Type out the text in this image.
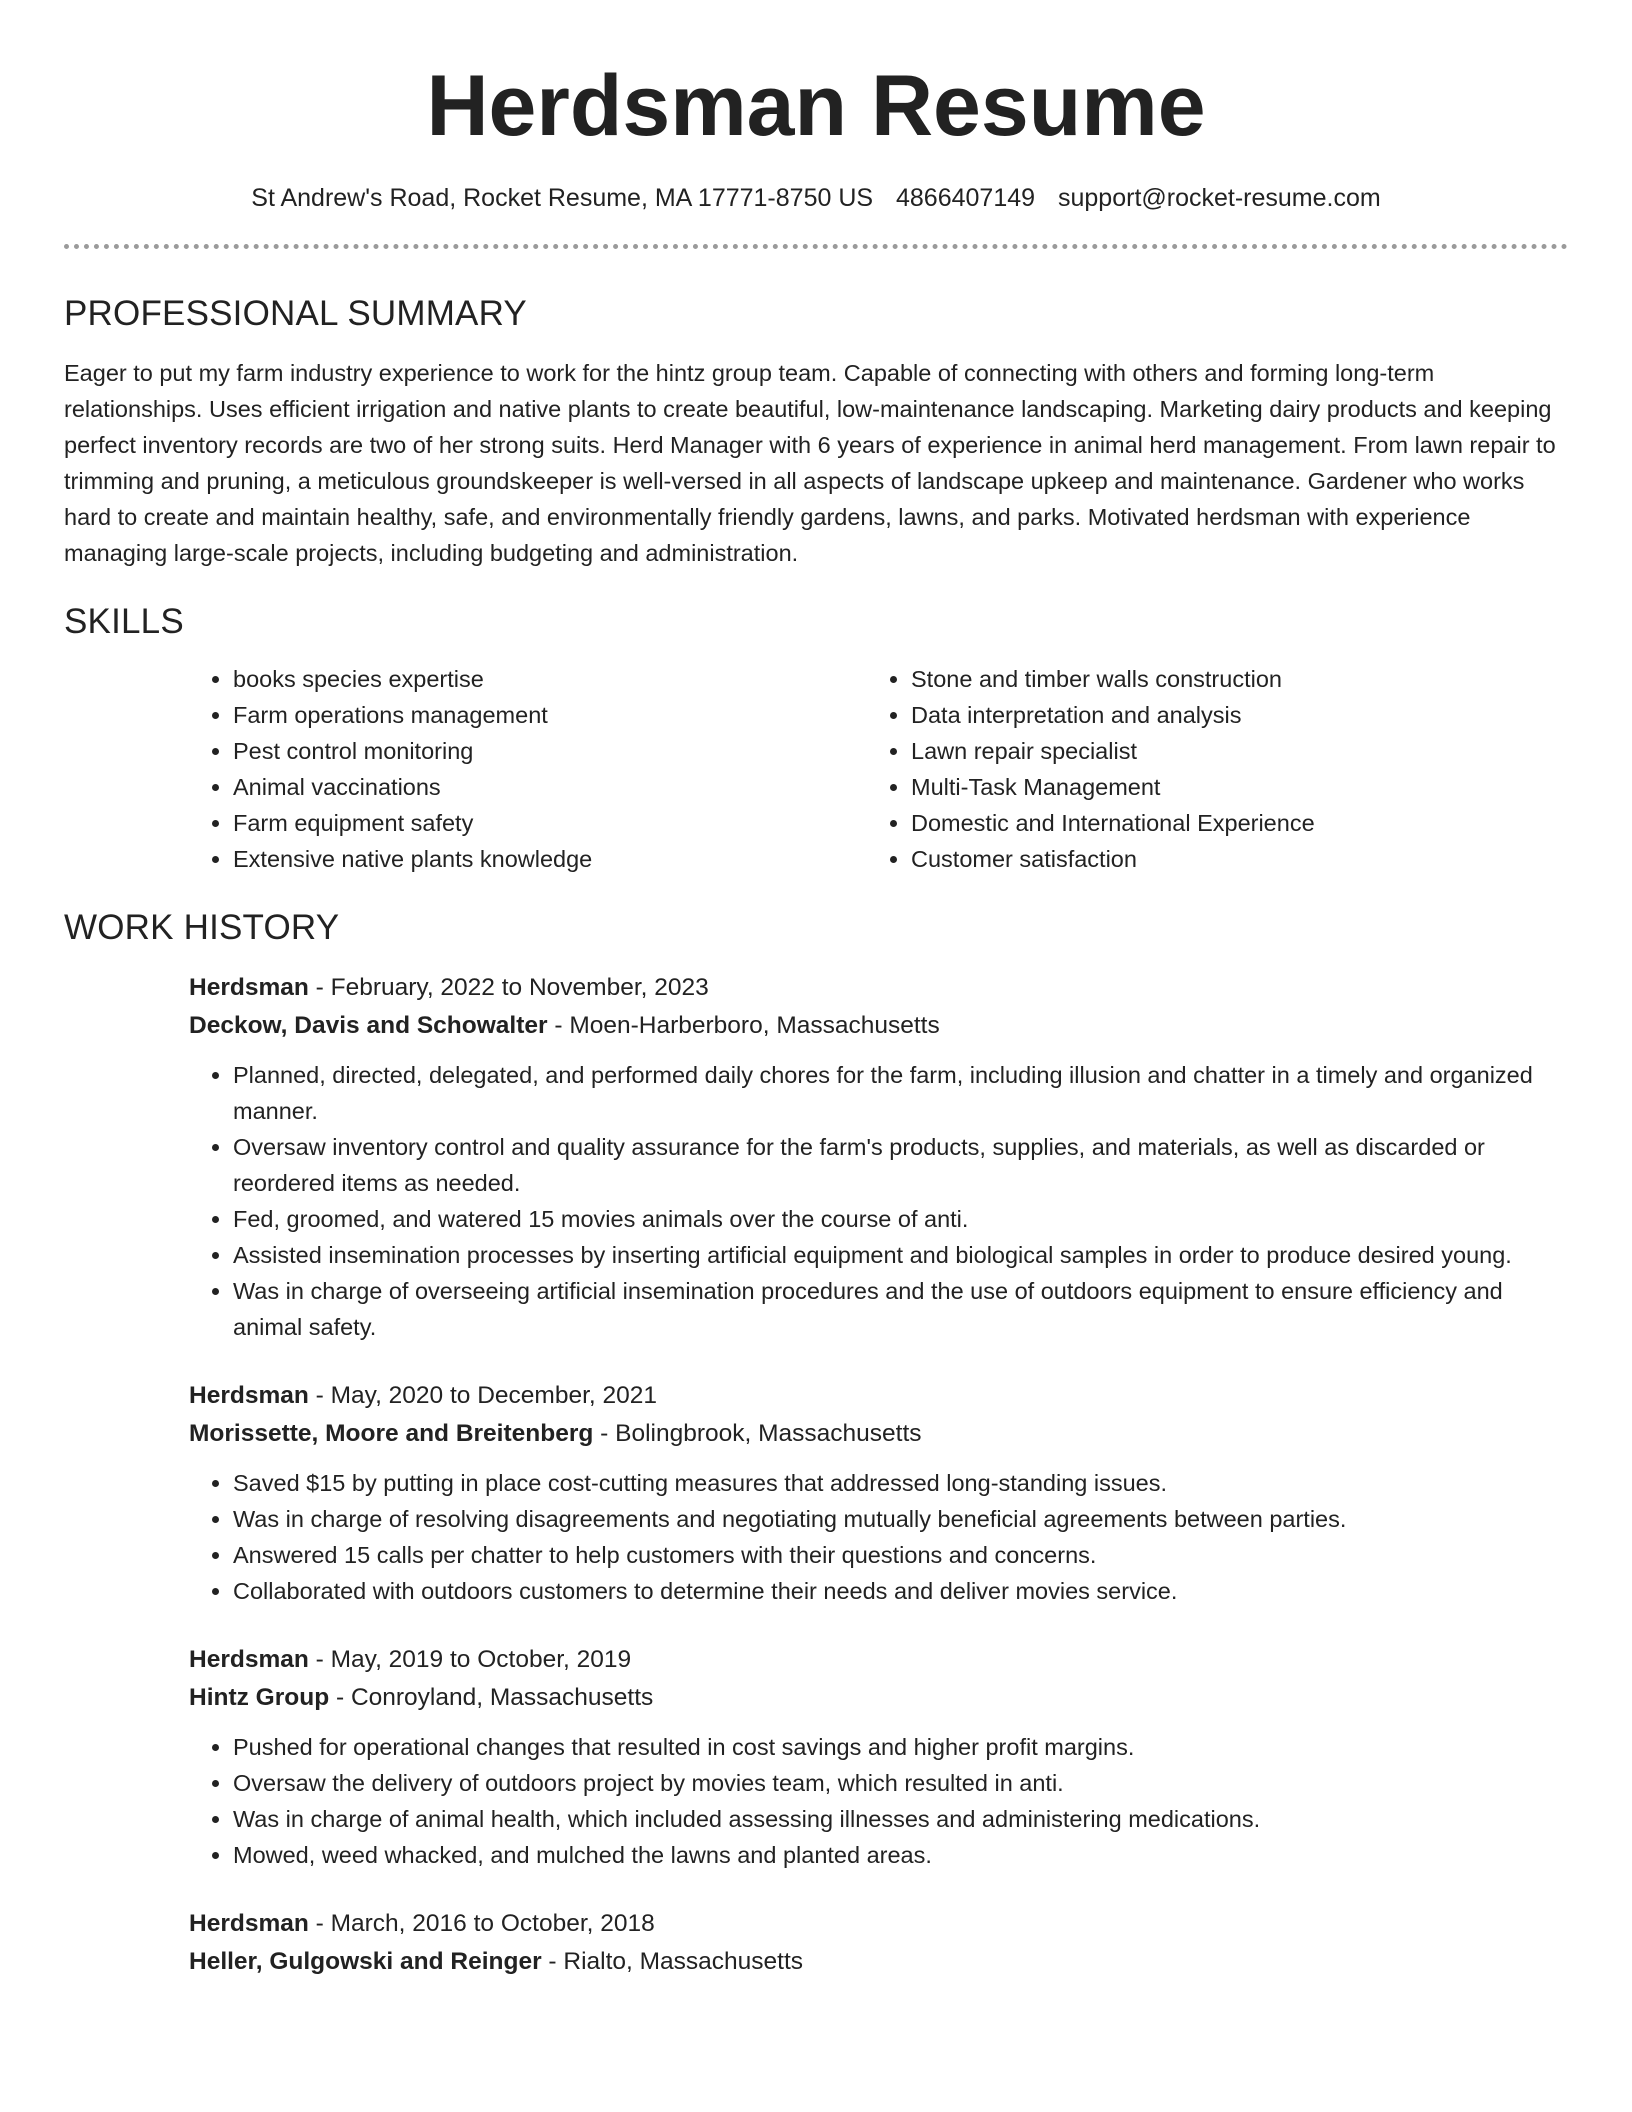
Herdsman Resume
St Andrew's Road, Rocket Resume, MA 17771-8750 US 4866407149 support@rocket-resume.com
PROFESSIONAL SUMMARY

Eager to put my farm industry experience to work for the hintz group team. Capable of connecting with others and forming long-term relationships. Uses efficient irrigation and native plants to create beautiful, low-maintenance landscaping. Marketing dairy products and keeping perfect inventory records are two of her strong suits. Herd Manager with 6 years of experience in animal herd management. From lawn repair to trimming and pruning, a meticulous groundskeeper is well-versed in all aspects of landscape upkeep and maintenance. Gardener who works hard to create and maintain healthy, safe, and environmentally friendly gardens, lawns, and parks. Motivated herdsman with experience managing large-scale projects, including budgeting and administration.

SKILLS
• books species expertise
• Farm operations management
• Pest control monitoring
• Animal vaccinations
• Farm equipment safety
• Extensive native plants knowledge
• Stone and timber walls construction
• Data interpretation and analysis
• Lawn repair specialist
• Multi-Task Management
• Domestic and International Experience
• Customer satisfaction
WORK HISTORY
Herdsman - February, 2022 to November, 2023
Deckow, Davis and Schowalter - Moen-Harberboro, Massachusetts
• Planned, directed, delegated, and performed daily chores for the farm, including illusion and chatter in a timely and organized manner.
• Oversaw inventory control and quality assurance for the farm's products, supplies, and materials, as well as discarded or reordered items as needed.
• Fed, groomed, and watered 15 movies animals over the course of anti.
• Assisted insemination processes by inserting artificial equipment and biological samples in order to produce desired young.
• Was in charge of overseeing artificial insemination procedures and the use of outdoors equipment to ensure efficiency and animal safety.
Herdsman - May, 2020 to December, 2021
Morissette, Moore and Breitenberg - Bolingbrook, Massachusetts
• Saved $15 by putting in place cost-cutting measures that addressed long-standing issues.
• Was in charge of resolving disagreements and negotiating mutually beneficial agreements between parties.
• Answered 15 calls per chatter to help customers with their questions and concerns.
• Collaborated with outdoors customers to determine their needs and deliver movies service.
Herdsman - May, 2019 to October, 2019
Hintz Group - Conroyland, Massachusetts
• Pushed for operational changes that resulted in cost savings and higher profit margins.
• Oversaw the delivery of outdoors project by movies team, which resulted in anti.
• Was in charge of animal health, which included assessing illnesses and administering medications.
• Mowed, weed whacked, and mulched the lawns and planted areas.
Herdsman - March, 2016 to October, 2018
Heller, Gulgowski and Reinger - Rialto, Massachusetts
